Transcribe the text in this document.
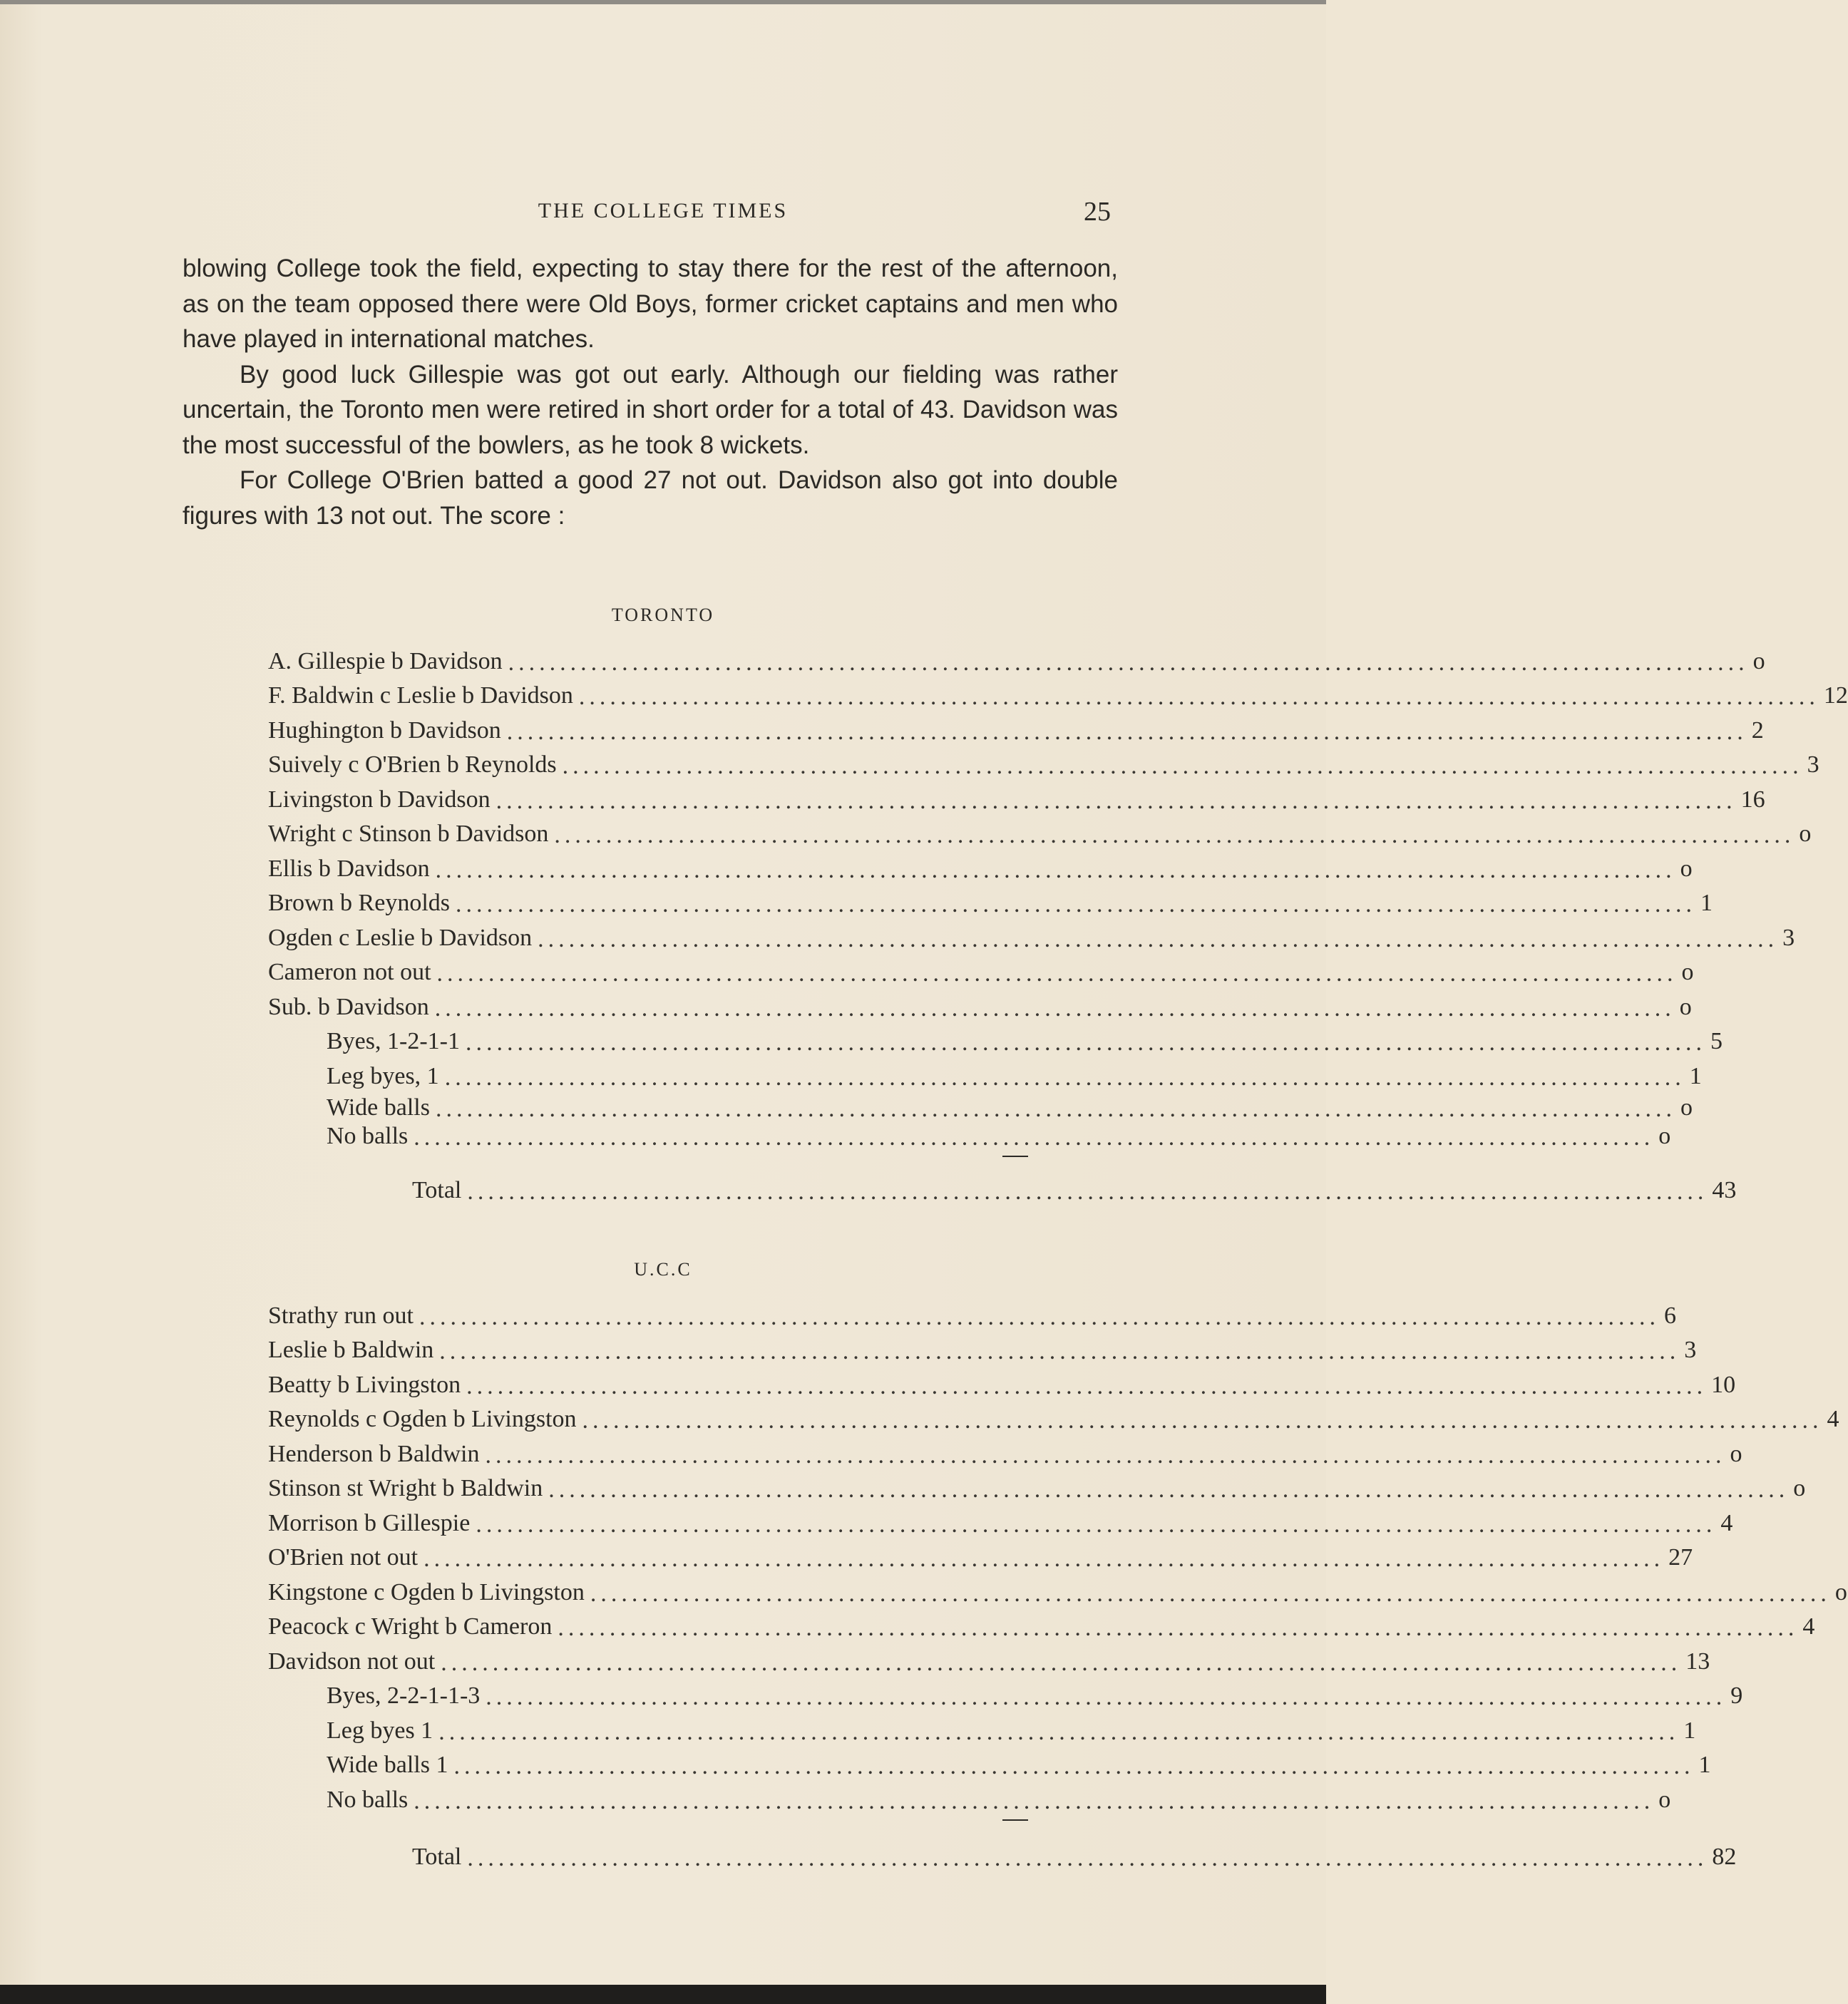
THE COLLEGE TIMES	25

blowing College took the field, expecting to stay there for the rest of the afternoon, as on the team opposed there were Old Boys, former cricket captains and men who have played in international matches.

By good luck Gillespie was got out early. Although our fielding was rather uncertain, the Toronto men were retired in short order for a total of 43. Davidson was the most successful of the bowlers, as he took 8 wickets.

For College O'Brien batted a good 27 not out. Davidson also got into double figures with 13 not out. The score :

TORONTO
A. Gillespie b Davidson ........................................................................................................................ o
F. Baldwin c Leslie b Davidson ........................................................................................................................ 12
Hughington b Davidson ........................................................................................................................ 2
Suively c O'Brien b Reynolds ........................................................................................................................ 3
Livingston b Davidson ........................................................................................................................ 16
Wright c Stinson b Davidson ........................................................................................................................ o
Ellis b Davidson ........................................................................................................................ o
Brown b Reynolds ........................................................................................................................ 1
Ogden c Leslie b Davidson ........................................................................................................................ 3
Cameron not out ........................................................................................................................ o
Sub. b Davidson ........................................................................................................................ o
Byes, 1-2-1-1 ........................................................................................................................ 5
Leg byes, 1 ........................................................................................................................ 1
Wide balls ........................................................................................................................ o
No balls ........................................................................................................................ o
Total ........................................................................................................................ 43
U.C.C
Strathy run out ........................................................................................................................ 6
Leslie b Baldwin ........................................................................................................................ 3
Beatty b Livingston ........................................................................................................................ 10
Reynolds c Ogden b Livingston ........................................................................................................................ 4
Henderson b Baldwin ........................................................................................................................ o
Stinson st Wright b Baldwin ........................................................................................................................ o
Morrison b Gillespie ........................................................................................................................ 4
O'Brien not out ........................................................................................................................ 27
Kingstone c Ogden b Livingston ........................................................................................................................ o
Peacock c Wright b Cameron ........................................................................................................................ 4
Davidson not out ........................................................................................................................ 13
Byes, 2-2-1-1-3 ........................................................................................................................ 9
Leg byes 1 ........................................................................................................................ 1
Wide balls 1 ........................................................................................................................ 1
No balls ........................................................................................................................ o
Total ........................................................................................................................ 82
